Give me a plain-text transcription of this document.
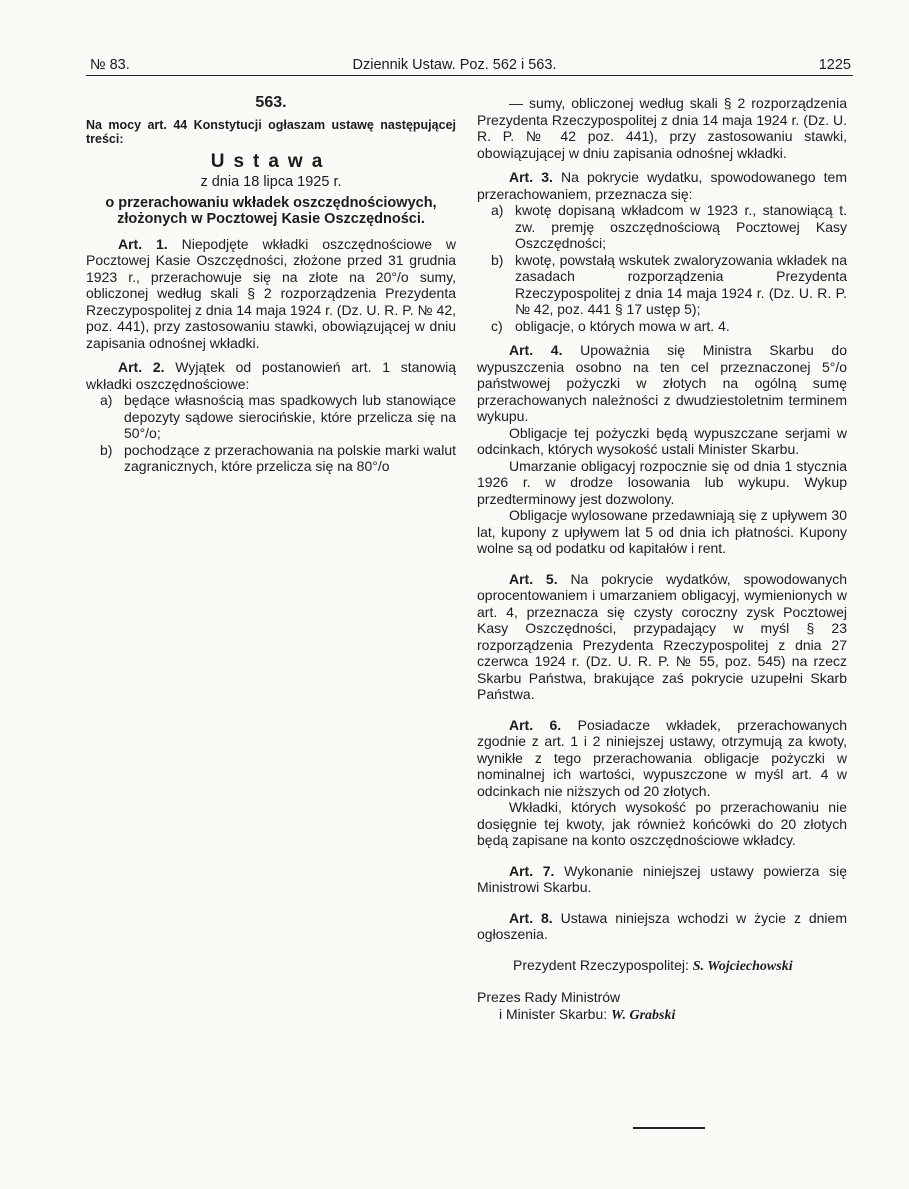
Dziennik Ustaw. Poz. 562 i 563.
№ 83.	1225
563.

Na mocy art. 44 Konstytucji ogłaszam ustawę następującej treści:

Ustawa
z dnia 18 lipca 1925 r.
o przerachowaniu wkładek oszczędnościowych, złożonych w Pocztowej Kasie Oszczędności.

Art. 1. Niepodjęte wkładki oszczędnościowe w Pocztowej Kasie Oszczędności, złożone przed 31 grudnia 1923 r., przerachowuje się na złote na 20°/o sumy, obliczonej według skali § 2 rozporządzenia Prezydenta Rzeczypospolitej z dnia 14 maja 1924 r. (Dz. U. R. P. № 42, poz. 441), przy zastosowaniu stawki, obowiązującej w dniu zapisania odnośnej wkładki.

Art. 2. Wyjątek od postanowień art. 1 stanowią wkładki oszczędnościowe:

a) będące własnością mas spadkowych lub stanowiące depozyty sądowe sierocińskie, które przelicza się na 50°/o;
b) pochodzące z przerachowania na polskie marki walut zagranicznych, które przelicza się na 80°/o

— sumy, obliczonej według skali § 2 rozporządzenia Prezydenta Rzeczypospolitej z dnia 14 maja 1924 r. (Dz. U. R. P. № 42 poz. 441), przy zastosowaniu stawki, obowiązującej w dniu zapisania odnośnej wkładki.

Art. 3. Na pokrycie wydatku, spowodowanego tem przerachowaniem, przeznacza się:

a) kwotę dopisaną wkładcom w 1923 r., stanowiącą t. zw. premję oszczędnościową Pocztowej Kasy Oszczędności;
b) kwotę, powstałą wskutek zwaloryzowania wkładek na zasadach rozporządzenia Prezydenta Rzeczypospolitej z dnia 14 maja 1924 r. (Dz. U. R. P. № 42, poz. 441 § 17 ustęp 5);
c) obligacje, o których mowa w art. 4.

Art. 4. Upoważnia się Ministra Skarbu do wypuszczenia osobno na ten cel przeznaczonej 5°/o państwowej pożyczki w złotych na ogólną sumę przerachowanych należności z dwudziestoletnim terminem wykupu.

Obligacje tej pożyczki będą wypuszczane serjami w odcinkach, których wysokość ustali Minister Skarbu.

Umarzanie obligacyj rozpocznie się od dnia 1 stycznia 1926 r. w drodze losowania lub wykupu. Wykup przedterminowy jest dozwolony.

Obligacje wylosowane przedawniają się z upływem 30 lat, kupony z upływem lat 5 od dnia ich płatności. Kupony wolne są od podatku od kapitałów i rent.

Art. 5. Na pokrycie wydatków, spowodowanych oprocentowaniem i umarzaniem obligacyj, wymienionych w art. 4, przeznacza się czysty coroczny zysk Pocztowej Kasy Oszczędności, przypadający w myśl § 23 rozporządzenia Prezydenta Rzeczypospolitej z dnia 27 czerwca 1924 r. (Dz. U. R. P. № 55, poz. 545) na rzecz Skarbu Państwa, brakujące zaś pokrycie uzupełni Skarb Państwa.

Art. 6. Posiadacze wkładek, przerachowanych zgodnie z art. 1 i 2 niniejszej ustawy, otrzymują za kwoty, wynikłe z tego przerachowania obligacje pożyczki w nominalnej ich wartości, wypuszczone w myśl art. 4 w odcinkach nie niższych od 20 złotych.

Wkładki, których wysokość po przerachowaniu nie dosięgnie tej kwoty, jak również końcówki do 20 złotych będą zapisane na konto oszczędnościowe wkładcy.

Art. 7. Wykonanie niniejszej ustawy powierza się Ministrowi Skarbu.

Art. 8. Ustawa niniejsza wchodzi w życie z dniem ogłoszenia.

Prezydent Rzeczypospolitej: S. Wojciechowski
Prezes Rady Ministrów
i Minister Skarbu: W. Grabski
